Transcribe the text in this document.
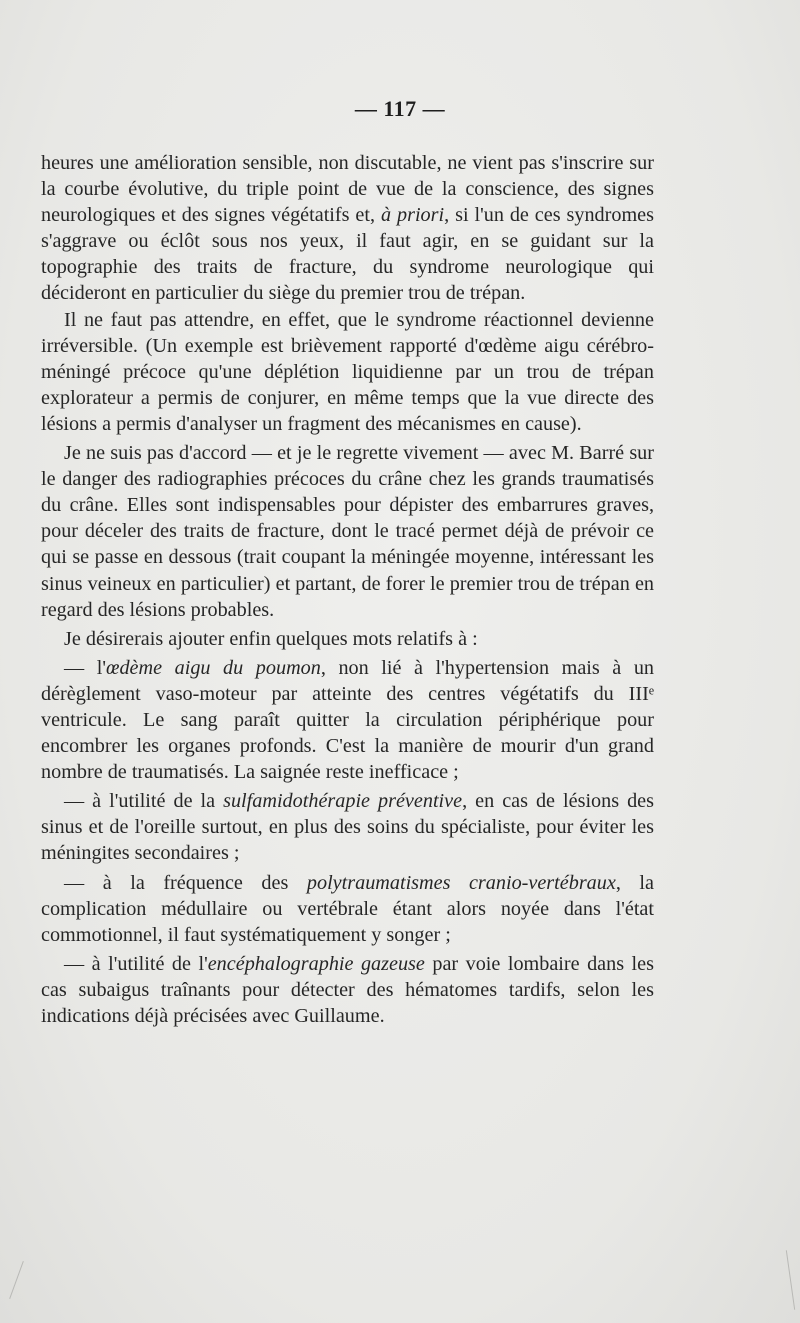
— 117 —

heures une amélioration sensible, non discutable, ne vient pas s'inscrire sur la courbe évolutive, du triple point de vue de la conscience, des signes neurologiques et des signes végétatifs et, à priori, si l'un de ces syndromes s'aggrave ou éclôt sous nos yeux, il faut agir, en se guidant sur la topographie des traits de fracture, du syndrome neurologique qui décideront en particulier du siège du premier trou de trépan.

Il ne faut pas attendre, en effet, que le syndrome réactionnel devienne irréversible. (Un exemple est brièvement rapporté d'œdème aigu cérébro-méningé précoce qu'une déplétion liquidienne par un trou de trépan explorateur a permis de conjurer, en même temps que la vue directe des lésions a permis d'analyser un fragment des mécanismes en cause).

Je ne suis pas d'accord — et je le regrette vivement — avec M. Barré sur le danger des radiographies précoces du crâne chez les grands traumatisés du crâne. Elles sont indispensables pour dépister des embarrures graves, pour déceler des traits de fracture, dont le tracé permet déjà de prévoir ce qui se passe en dessous (trait coupant la méningée moyenne, intéressant les sinus veineux en particulier) et partant, de forer le premier trou de trépan en regard des lésions probables.

Je désirerais ajouter enfin quelques mots relatifs à :

— l'œdème aigu du poumon, non lié à l'hypertension mais à un dérèglement vaso-moteur par atteinte des centres végétatifs du IIIᵉ ventricule. Le sang paraît quitter la circulation périphérique pour encombrer les organes profonds. C'est la manière de mourir d'un grand nombre de traumatisés. La saignée reste inefficace ;

— à l'utilité de la sulfamidothérapie préventive, en cas de lésions des sinus et de l'oreille surtout, en plus des soins du spécialiste, pour éviter les méningites secondaires ;

— à la fréquence des polytraumatismes cranio-vertébraux, la complication médullaire ou vertébrale étant alors noyée dans l'état commotionnel, il faut systématiquement y songer ;

— à l'utilité de l'encéphalographie gazeuse par voie lombaire dans les cas subaigus traînants pour détecter des hématomes tardifs, selon les indications déjà précisées avec Guillaume.
